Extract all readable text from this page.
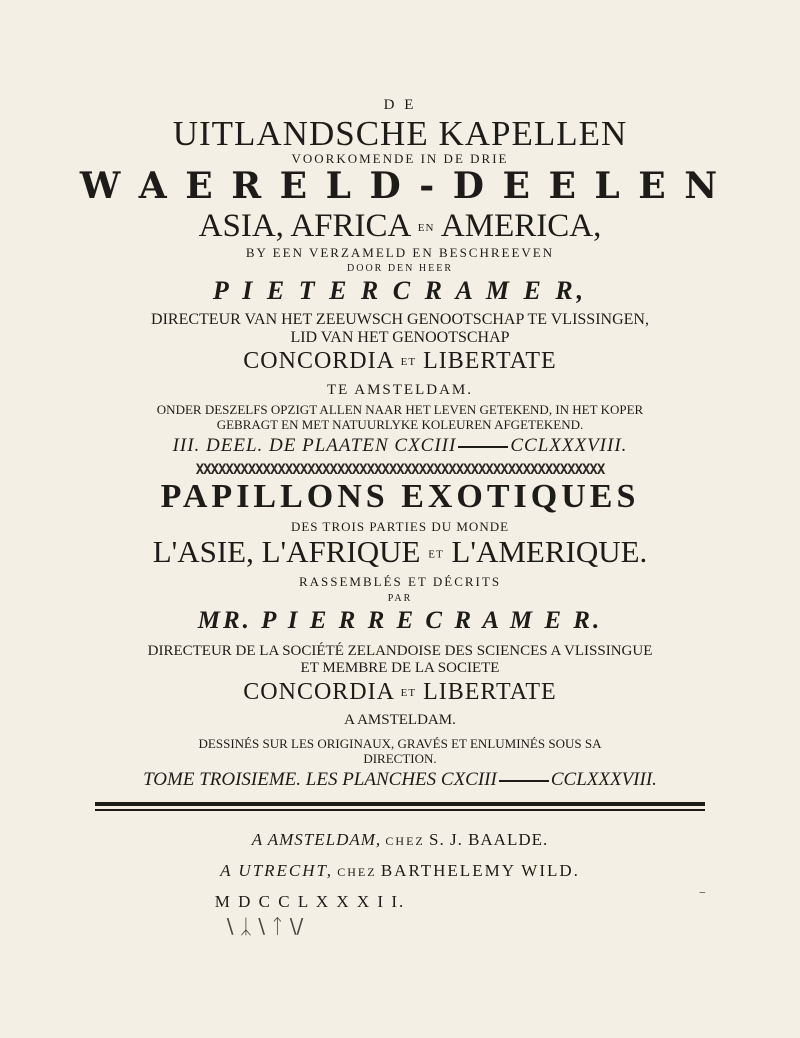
D E
UITLANDSCHE KAPELLEN
VOORKOMENDE IN DE DRIE
W A E R E L D - D E E L E N
ASIA, AFRICA EN AMERICA,
BY EEN VERZAMELD EN BESCHREEVEN
DOOR DEN HEER
P I E T E R C R A M E R,
DIRECTEUR VAN HET ZEEUWSCH GENOOTSCHAP TE VLISSINGEN,
LID VAN HET GENOOTSCHAP
CONCORDIA ET LIBERTATE
TE AMSTELDAM.
ONDER DESZELFS OPZIGT ALLEN NAAR HET LEVEN GETEKEND, IN HET KOPER
GEBRAGT EN MET NATUURLYKE KOLEUREN AFGETEKEND.
III. DEEL. DE PLAATEN CXCIII	CCLXXXVIII.
XXXXXXXXXXXXXXXXXXXXXXXXXXXXXXXXXXXXXXXXXXXXXXXXXXXXXXX
PAPILLONS EXOTIQUES
DES TROIS PARTIES DU MONDE
L'ASIE, L'AFRIQUE ET L'AMERIQUE.
RASSEMBLÉS ET DÉCRITS
PAR
MR. P I E R R E C R A M E R.
DIRECTEUR DE LA SOCIÉTÉ ZELANDOISE DES SCIENCES A VLISSINGUE
ET MEMBRE DE LA SOCIETE
CONCORDIA ET LIBERTATE
A AMSTELDAM.
DESSINÉS SUR LES ORIGINAUX, GRAVÉS ET ENLUMINÉS SOUS SA
DIRECTION.
TOME TROISIEME. LES PLANCHES CXCIII	CCLXXXVIII.
A AMSTELDAM, CHEZ S. J. BAALDE.
A UTRECHT, CHEZ BARTHELEMY WILD.
M D C C L X X X I I.
\ ᛣ \ ᛏ \/
‾
